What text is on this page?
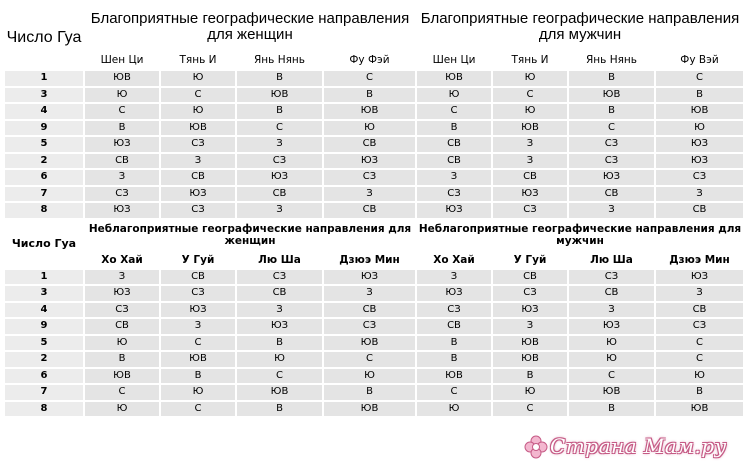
Число Гуа	Благоприятные географические направления для женщин				Благоприятные географические направления для мужчин			
	Шен Ци	Тянь И	Янь Нянь	Фу Фэй	Шен Ци	Тянь И	Янь Нянь	Фу Вэй
1	ЮВ	Ю	В	С	ЮВ	Ю	В	С
3	Ю	С	ЮВ	В	Ю	С	ЮВ	В
4	С	Ю	В	ЮВ	С	Ю	В	ЮВ
9	В	ЮВ	С	Ю	В	ЮВ	С	Ю
5	ЮЗ	СЗ	З	СВ	СВ	З	СЗ	ЮЗ
2	СВ	З	СЗ	ЮЗ	СВ	З	СЗ	ЮЗ
6	З	СВ	ЮЗ	СЗ	З	СВ	ЮЗ	СЗ
7	СЗ	ЮЗ	СВ	З	СЗ	ЮЗ	СВ	З
8	ЮЗ	СЗ	З	СВ	ЮЗ	СЗ	З	СВ
Число Гуа	Неблагоприятные географические направления для женщин				Неблагоприятные географические направления для мужчин			
	Хо Хай	У Гуй	Лю Ша	Дзюэ Мин	Хо Хай	У Гуй	Лю Ша	Дзюэ Мин
1	З	СВ	СЗ	ЮЗ	З	СВ	СЗ	ЮЗ
3	ЮЗ	СЗ	СВ	З	ЮЗ	СЗ	СВ	З
4	СЗ	ЮЗ	З	СВ	СЗ	ЮЗ	З	СВ
9	СВ	З	ЮЗ	СЗ	СВ	З	ЮЗ	СЗ
5	Ю	С	В	ЮВ	В	ЮВ	Ю	С
2	В	ЮВ	Ю	С	В	ЮВ	Ю	С
6	ЮВ	В	С	Ю	ЮВ	В	С	Ю
7	С	Ю	ЮВ	В	С	Ю	ЮВ	В
8	Ю	С	В	ЮВ	Ю	С	В	ЮВ
Страна Мам.ру
